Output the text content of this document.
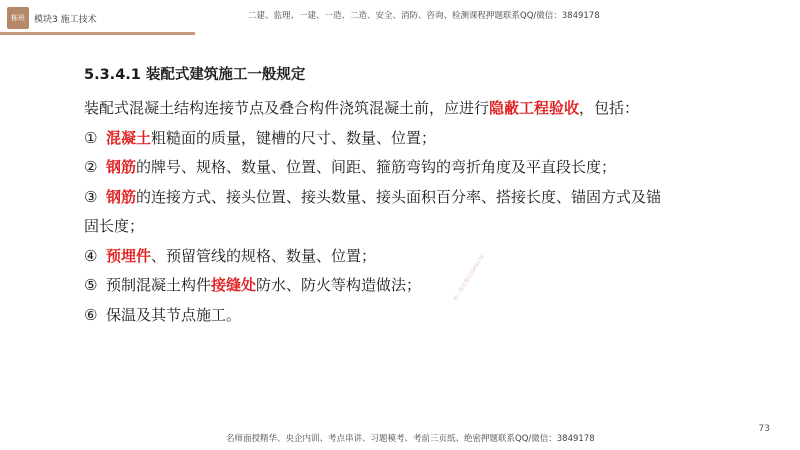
栋班	模块3 施工技术	二建、监理、一建、一造、二造、安全、消防、咨询、检测课程押题联系QQ/微信：3849178
5.3.4.1 装配式建筑施工一般规定
装配式混凝土结构连接节点及叠合构件浇筑混凝土前，应进行隐蔽工程验收，包括：
① 混凝土粗糙面的质量，键槽的尺寸、数量、位置；
② 钢筋的牌号、规格、数量、位置、间距、箍筋弯钩的弯折角度及平直段长度；
③ 钢筋的连接方式、接头位置、接头数量、接头面积百分率、搭接长度、锚固方式及锚
固长度；
④ 预埋件、预留管线的规格、数量、位置；
⑤ 预制混凝土构件接缝处防水、防火等构造做法；
⑥ 保温及其节点施工。
唯一联系微信3849178
73
名师面授精华、央企内训、考点串讲、习题模考、考前三页纸、绝密押题联系QQ/微信：3849178
